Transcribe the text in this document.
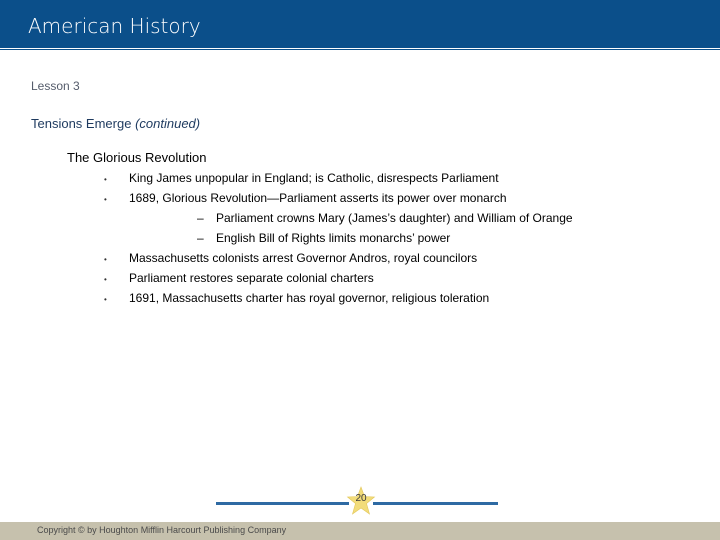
American History
Lesson 3
Tensions Emerge (continued)
The Glorious Revolution
• King James unpopular in England; is Catholic, disrespects Parliament
• 1689, Glorious Revolution—Parliament asserts its power over monarch
– Parliament crowns Mary (James’s daughter) and William of Orange
– English Bill of Rights limits monarchs’ power
• Massachusetts colonists arrest Governor Andros, royal councilors
• Parliament restores separate colonial charters
• 1691, Massachusetts charter has royal governor, religious toleration
20
Copyright © by Houghton Mifflin Harcourt Publishing Company
